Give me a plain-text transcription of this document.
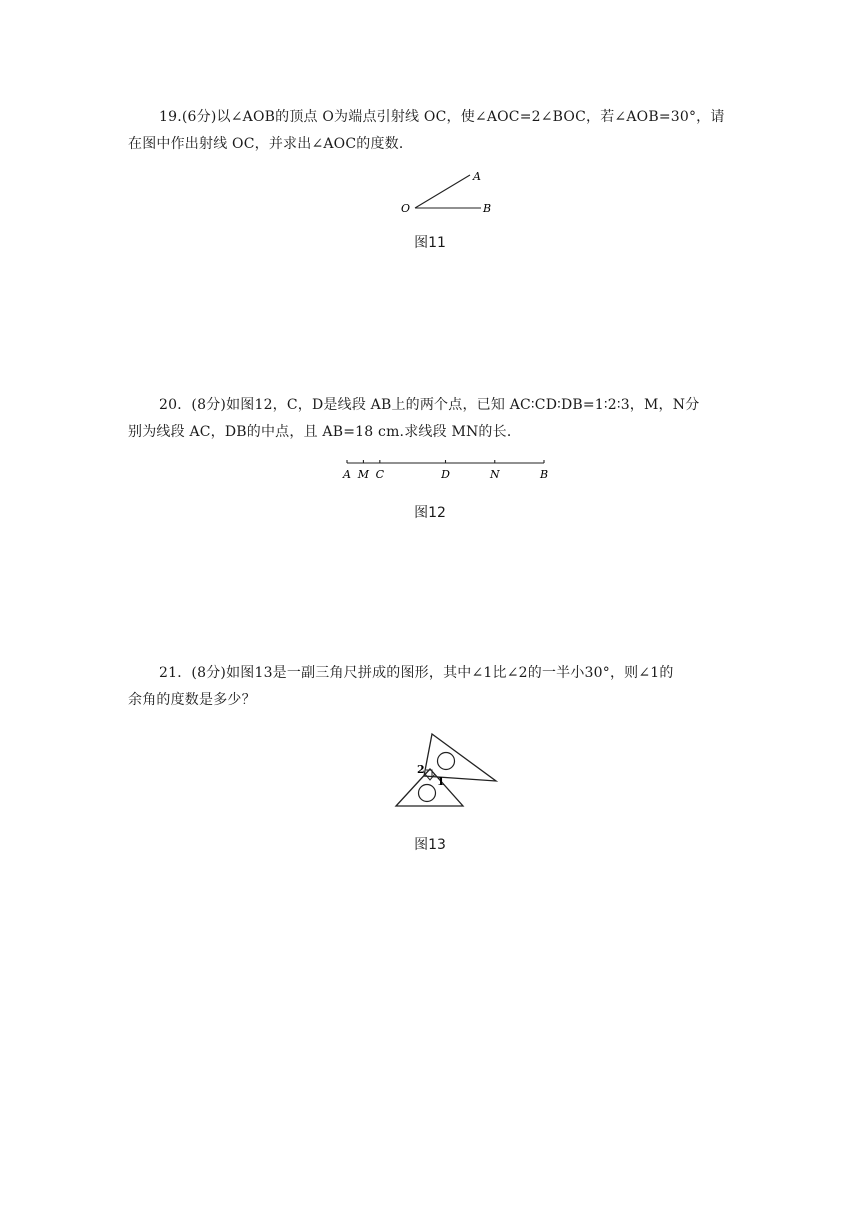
19.(6分)以∠AOB的顶点 O为端点引射线 OC，使∠AOC=2∠BOC，若∠AOB=30°，请
在图中作出射线 OC，并求出∠AOC的度数．
O
A
B
图11
20．(8分)如图12，C，D是线段 AB上的两个点，已知 AC∶CD∶DB=1∶2∶3，M，N分
别为线段 AC，DB的中点，且 AB=18 cm.求线段 MN的长．
A M C	D	N	B
图12
21．(8分)如图13是一副三角尺拼成的图形，其中∠1比∠2的一半小30°，则∠1的
余角的度数是多少？
2
1
图13
